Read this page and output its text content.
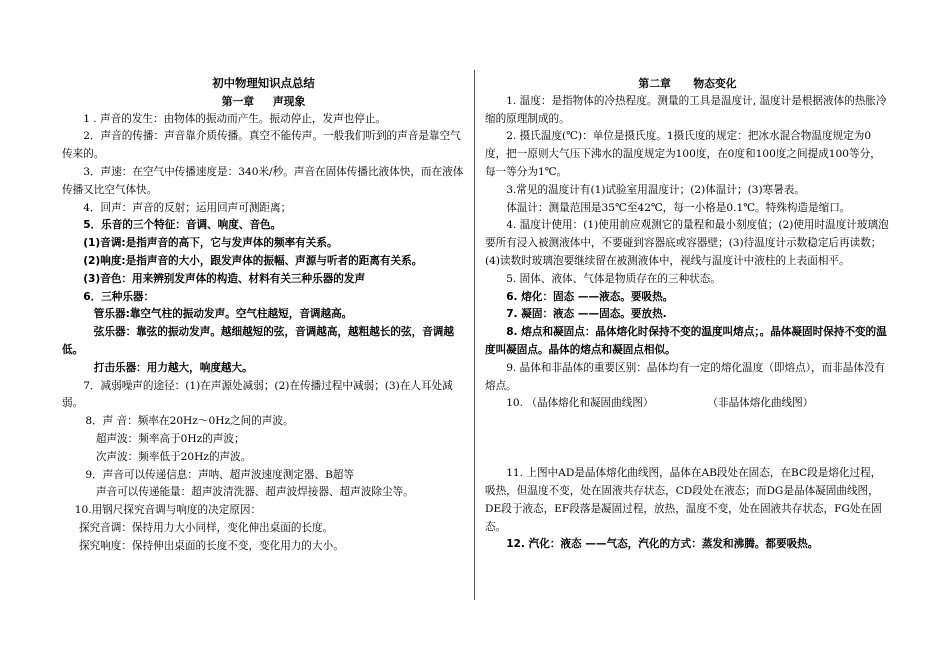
初中物理知识点总结
第一章     声现象

1 . 声音的发生：由物体的振动而产生。振动停止，发声也停止。

2．声音的传播：声音靠介质传播。真空不能传声。一般我们听到的声音是靠空气传来的。

3．声速：在空气中传播速度是：340米/秒。声音在固体传播比液体快，而在液体传播又比空气体快。

4．回声：声音的反射；运用回声可测距离；

5．乐音的三个特征：音调、响度、音色。

(1)音调:是指声音的高下，它与发声体的频率有关系。

(2)响度:是指声音的大小，跟发声体的振幅、声源与听者的距离有关系。

(3)音色：用来辨别发声体的构造、材料有关三种乐器的发声

6．三种乐器：

管乐器:靠空气柱的振动发声。空气柱越短，音调越高。

弦乐器：靠弦的振动发声。越细越短的弦，音调越高，越粗越长的弦，音调越低。

打击乐器：用力越大，响度越大。

7．减弱噪声的途径：(1)在声源处减弱；(2)在传播过程中减弱；(3)在人耳处减弱。

8．声 音：频率在20Hz～0Hz之间的声波。

超声波：频率高于0Hz的声波；

次声波：频率低于20Hz的声波。

9．声音可以传递信息：声呐、超声波速度测定器、B超等

声音可以传递能量：超声波清洗器、超声波焊接器、超声波除尘等。

10.用钢尺探究音调与响度的决定原因：

探究音调：保持用力大小同样，变化伸出桌面的长度。

探究响度：保持伸出桌面的长度不变，变化用力的大小。

第二章      物态变化

1. 温度：是指物体的冷热程度。测量的工具是温度计, 温度计是根据液体的热胀冷缩的原理制成的。

2. 摄氏温度(℃)：单位是摄氏度。1摄氏度的规定：把冰水混合物温度规定为0度，把一原则大气压下沸水的温度规定为100度，在0度和100度之间提成100等分，每一等分为1℃。

3.常见的温度计有(1)试验室用温度计；(2)体温计；(3)寒暑表。

体温计：测量范围是35℃至42℃，每一小格是0.1℃。特殊构造是缩口。

4. 温度计使用：(1)使用前应观测它的量程和最小刻度值；(2)使用时温度计玻璃泡要所有浸入被测液体中，不要碰到容器底或容器壁；(3)待温度计示数稳定后再读数；(4)读数时玻璃泡要继续留在被测液体中，视线与温度计中液柱的上表面相平。

5. 固体、液体、气体是物质存在的三种状态。

6. 熔化：固态 ——液态。要吸热。

7. 凝固：液态 ——固态。要放热.

8. 熔点和凝固点：晶体熔化时保持不变的温度叫熔点；。晶体凝固时保持不变的温度叫凝固点。晶体的熔点和凝固点相似。

9. 晶体和非晶体的重要区别：晶体均有一定的熔化温度（即熔点），而非晶体没有熔点。

10. （晶体熔化和凝固曲线图）                （非晶体熔化曲线图）

11. 上图中AD是晶体熔化曲线图，晶体在AB段处在固态，在BC段是熔化过程，吸热，但温度不变，处在固液共存状态，CD段处在液态；而DG是晶体凝固曲线图，DE段于液态，EF段落是凝固过程，放热，温度不变，处在固液共存状态，FG处在固态。

12. 汽化：液态 ——气态，汽化的方式：蒸发和沸腾。都要吸热。
